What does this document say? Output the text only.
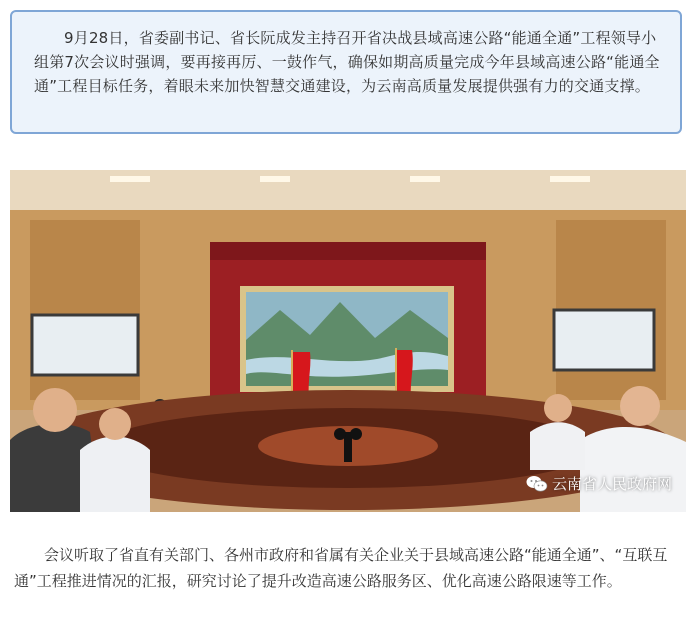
9月28日，省委副书记、省长阮成发主持召开省决战县域高速公路“能通全通”工程领导小组第7次会议时强调，要再接再厉、一鼓作气，确保如期高质量完成今年县域高速公路“能通全通”工程目标任务，着眼未来加快智慧交通建设，为云南高质量发展提供强有力的交通支撑。

云南省人民政府网

会议听取了省直有关部门、各州市政府和省属有关企业关于县域高速公路“能通全通”、“互联互通”工程推进情况的汇报，研究讨论了提升改造高速公路服务区、优化高速公路限速等工作。
